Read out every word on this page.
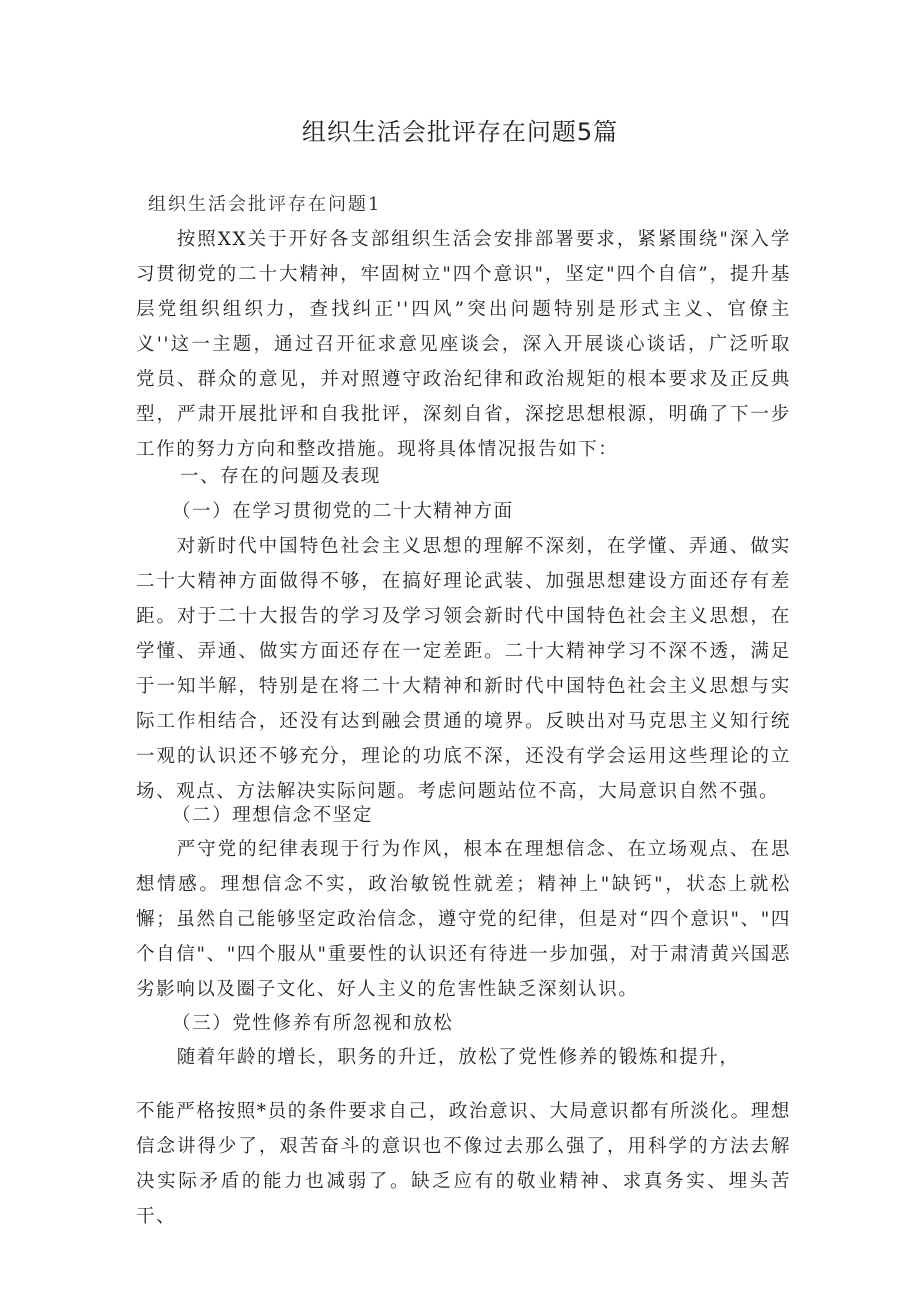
组织生活会批评存在问题5篇
组织生活会批评存在问题1
按照XX关于开好各支部组织生活会安排部署要求，紧紧围绕"深入学习贯彻党的二十大精神，牢固树立"四个意识"，坚定"四个自信”，提升基层党组织组织力，查找纠正''四风”突出问题特别是形式主义、官僚主义''这一主题，通过召开征求意见座谈会，深入开展谈心谈话，广泛听取党员、群众的意见，并对照遵守政治纪律和政治规矩的根本要求及正反典型，严肃开展批评和自我批评，深刻自省，深挖思想根源，明确了下一步工作的努力方向和整改措施。现将具体情况报告如下：
一、存在的问题及表现
（一）在学习贯彻党的二十大精神方面
对新时代中国特色社会主义思想的理解不深刻，在学懂、弄通、做实二十大精神方面做得不够，在搞好理论武装、加强思想建设方面还存有差距。对于二十大报告的学习及学习领会新时代中国特色社会主义思想，在学懂、弄通、做实方面还存在一定差距。二十大精神学习不深不透，满足于一知半解，特别是在将二十大精神和新时代中国特色社会主义思想与实际工作相结合，还没有达到融会贯通的境界。反映出对马克思主义知行统一观的认识还不够充分，理论的功底不深，还没有学会运用这些理论的立场、观点、方法解决实际问题。考虑问题站位不高，大局意识自然不强。
（二）理想信念不坚定
严守党的纪律表现于行为作风，根本在理想信念、在立场观点、在思想情感。理想信念不实，政治敏锐性就差；精神上"缺钙"，状态上就松懈；虽然自己能够坚定政治信念，遵守党的纪律，但是对“四个意识"、"四个自信"、"四个服从"重要性的认识还有待进一步加强，对于肃清黄兴国恶劣影响以及圈子文化、好人主义的危害性缺乏深刻认识。
（三）党性修养有所忽视和放松
随着年龄的增长，职务的升迁，放松了党性修养的锻炼和提升，
不能严格按照*员的条件要求自己，政治意识、大局意识都有所淡化。理想信念讲得少了，艰苦奋斗的意识也不像过去那么强了，用科学的方法去解决实际矛盾的能力也减弱了。缺乏应有的敬业精神、求真务实、埋头苦干、
